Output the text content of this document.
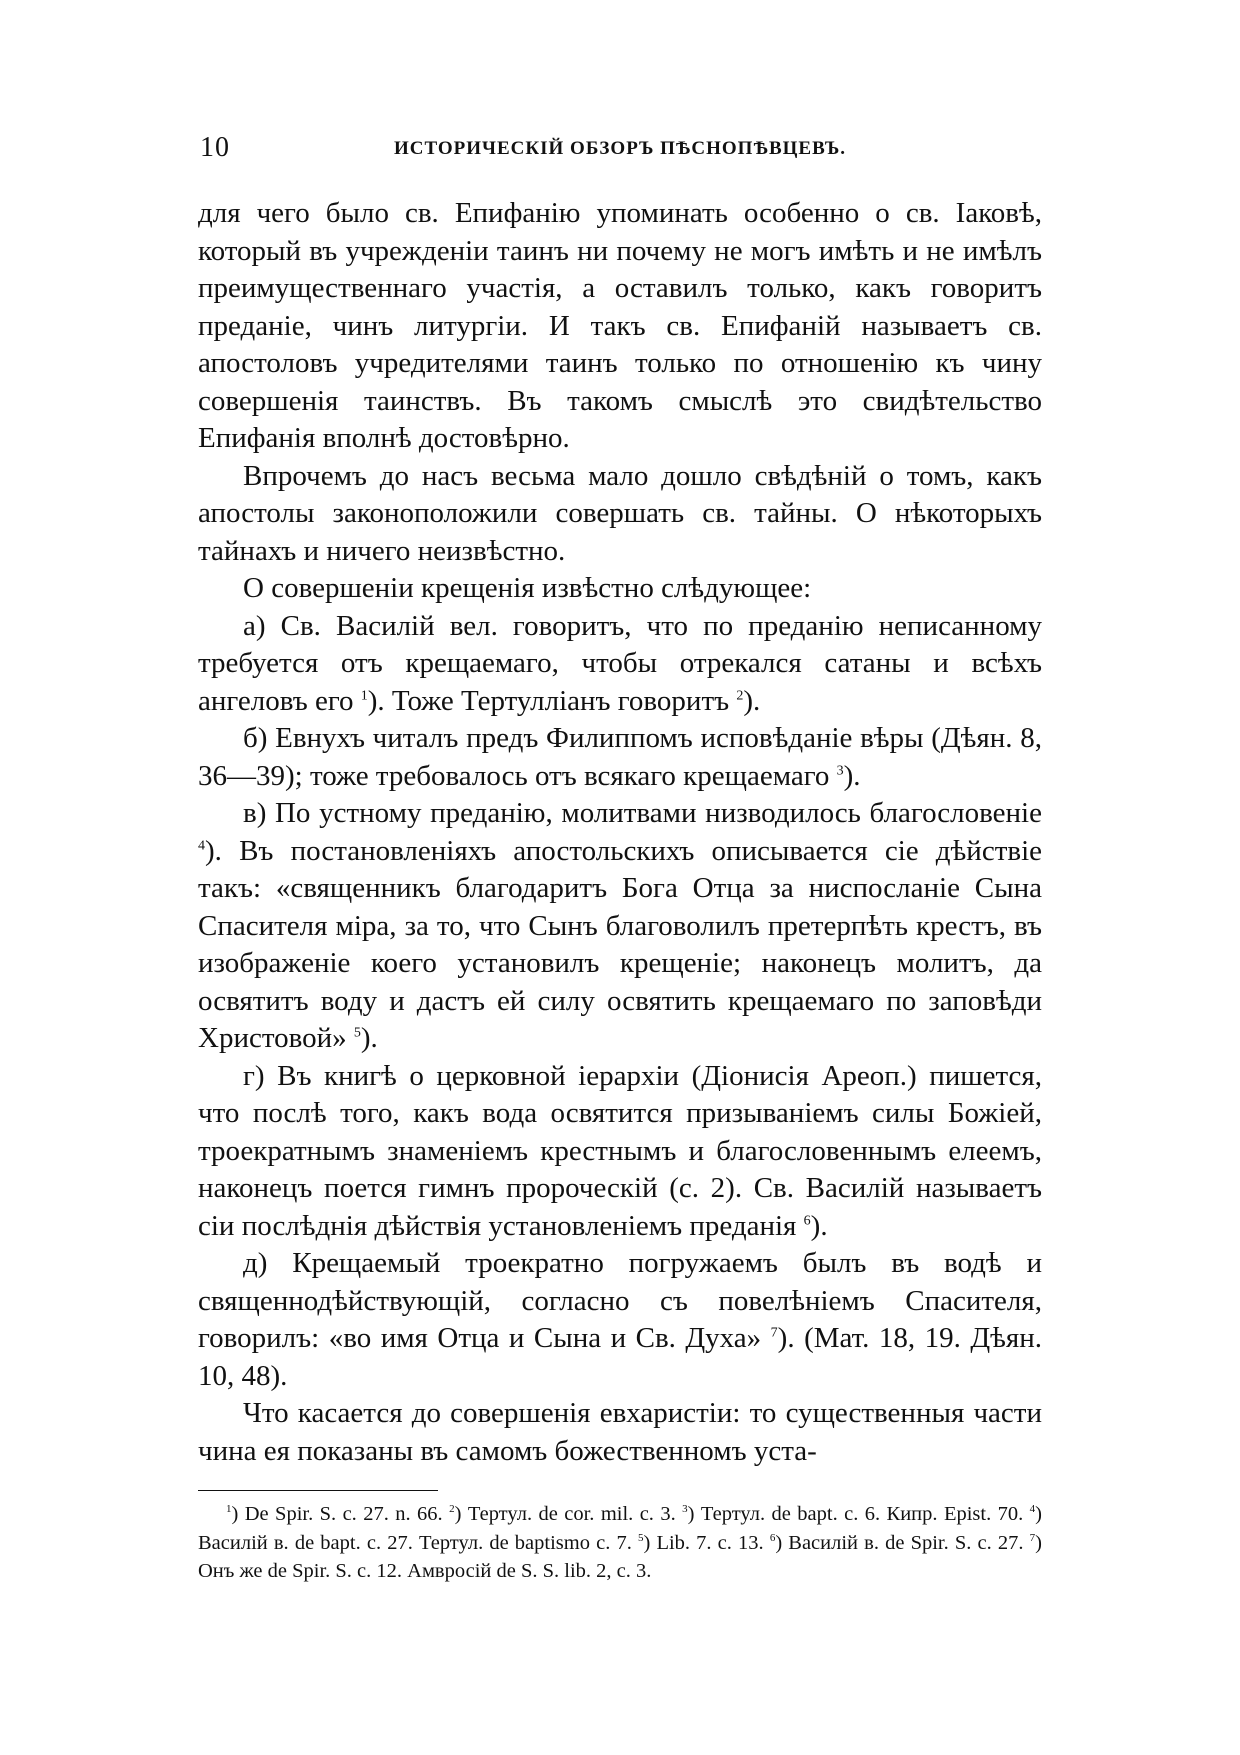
10	ИСТОРИЧЕСКІЙ ОБЗОРЪ ПѢСНОПѢВЦЕВЪ.

для чего было св. Епифанію упоминать особенно о св. Іаковѣ, который въ учрежденіи таинъ ни почему не могъ имѣть и не имѣлъ преимущественнаго участія, а оставилъ только, какъ говоритъ преданіе, чинъ литургіи. И такъ св. Епифаній называетъ св. апостоловъ учредителями таинъ только по отношенію къ чину совершенія таинствъ. Въ такомъ смыслѣ это свидѣтельство Епифанія вполнѣ достовѣрно.

Впрочемъ до насъ весьма мало дошло свѣдѣній о томъ, какъ апостолы законоположили совершать св. тайны. О нѣкоторыхъ тайнахъ и ничего неизвѣстно.

О совершеніи крещенія извѣстно слѣдующее:

а) Св. Василій вел. говоритъ, что по преданію неписанному требуется отъ крещаемаго, чтобы отрекался сатаны и всѣхъ ангеловъ его $^1$). Тоже Тертулліанъ говоритъ $^2$).

б) Евнухъ читалъ предъ Филиппомъ исповѣданіе вѣры (Дѣян. 8, 36—39); тоже требовалось отъ всякаго крещаемаго $^3$).

в) По устному преданію, молитвами низводилось благословеніе $^4$). Въ постановленіяхъ апостольскихъ описывается сіе дѣйствіе такъ: «священникъ благодаритъ Бога Отца за ниспосланіе Сына Спасителя міра, за то, что Сынъ благоволилъ претерпѣть крестъ, въ изображеніе коего установилъ крещеніе; наконецъ молитъ, да освятитъ воду и дастъ ей силу освятить крещаемаго по заповѣди Христовой» $^5$).

г) Въ книгѣ о церковной іерархіи (Діонисія Ареоп.) пишется, что послѣ того, какъ вода освятится призываніемъ силы Божіей, троекратнымъ знаменіемъ крестнымъ и благословеннымъ елеемъ, наконецъ поется гимнъ пророческій (с. 2). Св. Василій называетъ сіи послѣднія дѣйствія установленіемъ преданія $^6$).

д) Крещаемый троекратно погружаемъ былъ въ водѣ и священнодѣйствующій, согласно съ повелѣніемъ Спасителя, говорилъ: «во имя Отца и Сына и Св. Духа» $^7$). (Мат. 18, 19. Дѣян. 10, 48).

Что касается до совершенія евхаристіи: то существенныя части чина ея показаны въ самомъ божественномъ уста-

$^1$) De Spir. S. c. 27. n. 66. $^2$) Тертул. de cor. mil. c. 3. $^3$) Тертул. de bapt. c. 6. Кипр. Epist. 70. $^4$) Василій в. de bapt. c. 27. Тертул. de baptismo c. 7. $^5$) Lib. 7. c. 13. $^6$) Василій в. de Spir. S. c. 27. $^7$) Онъ же de Spir. S. c. 12. Амвросій de S. S. lib. 2, c. 3.
